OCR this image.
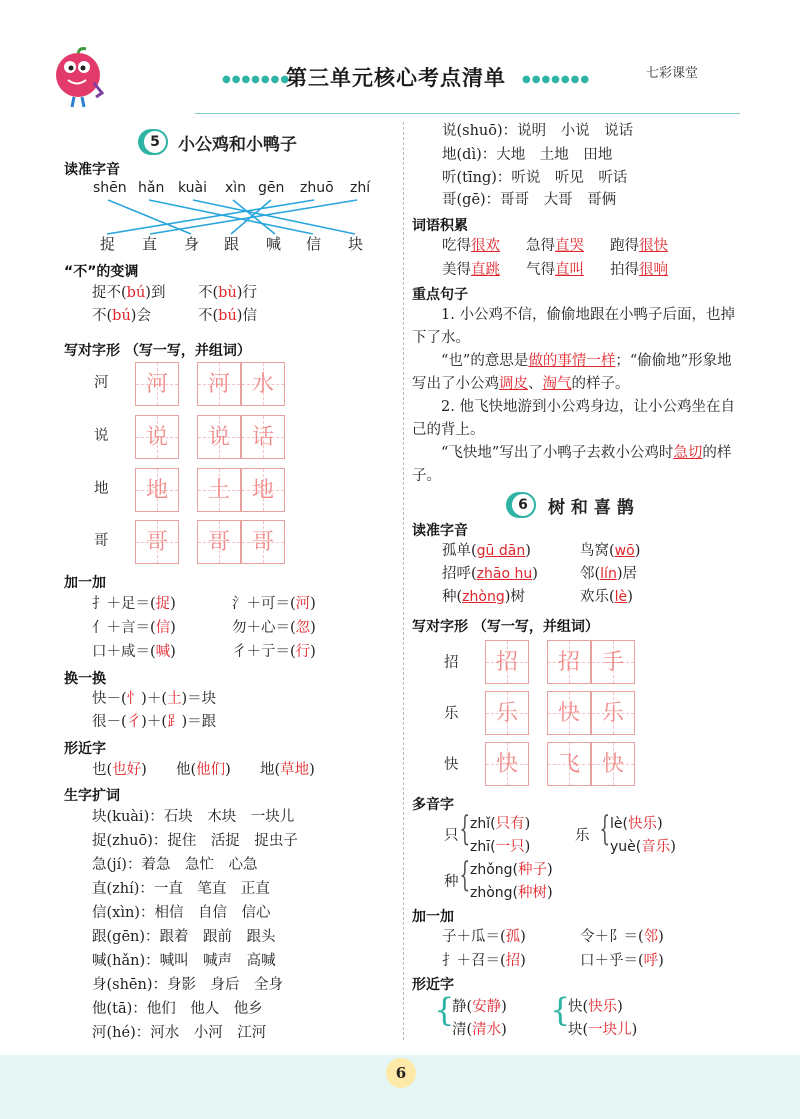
●●●●●●●
第三单元核心考点清单 ●●●●●●●	七彩课堂
5	小公鸡和小鸭子
读准字音
shēn hǎn kuài xìn gēn zhuō zhí
捉 直 身 跟 喊 信 块
“不”的变调
捉不(bú)到 不(bù)行
不(bú)会	不(bú)信
写对字形 （写一写，并组词）
河	河	河 水
说	说	说 话
地	地	土 地
哥	哥	哥 哥
加一加
扌＋足＝(捉)	氵＋可＝(河)
亻＋言＝(信)	勿＋心＝(忽)
口＋咸＝(喊)	彳＋亍＝(行)
换一换
快－(忄)＋(土)＝块
很－(彳)＋(⻊)＝跟
形近字
也(也好) 他(他们) 地(草地)
生字扩词
块(kuài)：石块　木块　一块儿
捉(zhuō)：捉住　活捉　捉虫子
急(jí)：着急　急忙　心急
直(zhí)：一直　笔直　正直
信(xìn)：相信　自信　信心
跟(gēn)：跟着　跟前　跟头
喊(hǎn)：喊叫　喊声　高喊
身(shēn)：身影　身后　全身
他(tā)：他们　他人　他乡
河(hé)：河水　小河　江河
说(shuō)：说明　小说　说话
地(dì)：大地　土地　田地
听(tīng)：听说　听见　听话
哥(gē)：哥哥　大哥　哥俩
词语积累
吃得很欢 急得直哭 跑得很快
美得直跳 气得直叫 拍得很响
重点句子
1. 小公鸡不信，偷偷地跟在小鸭子后面，也掉下了水。
“也”的意思是做的事情一样；“偷偷地”形象地写出了小公鸡调皮、淘气的样子。
2. 他飞快地游到小公鸡身边，让小公鸡坐在自己的背上。
“飞快地”写出了小鸭子去救小公鸡时急切的样子。
6	树 和 喜 鹊
读准字音
孤单(gū dān)	鸟窝(wō)
招呼(zhāo hu)	邻(lín)居
种(zhòng)树	欢乐(lè)
写对字形 （写一写，并组词）
招	招	招 手
乐	乐	快 乐
快	快	飞 快
多音字
只 { zhǐ(只有)
zhī(一只)
乐 { lè(快乐)
yuè(音乐)
种 { zhǒng(种子)
zhòng(种树)
加一加
子＋瓜＝(孤)	令＋阝＝(邻)
扌＋召＝(招)	口＋乎＝(呼)
形近字
{
静(安静)
清(清水)
{
快(快乐)
块(一块儿)
6
